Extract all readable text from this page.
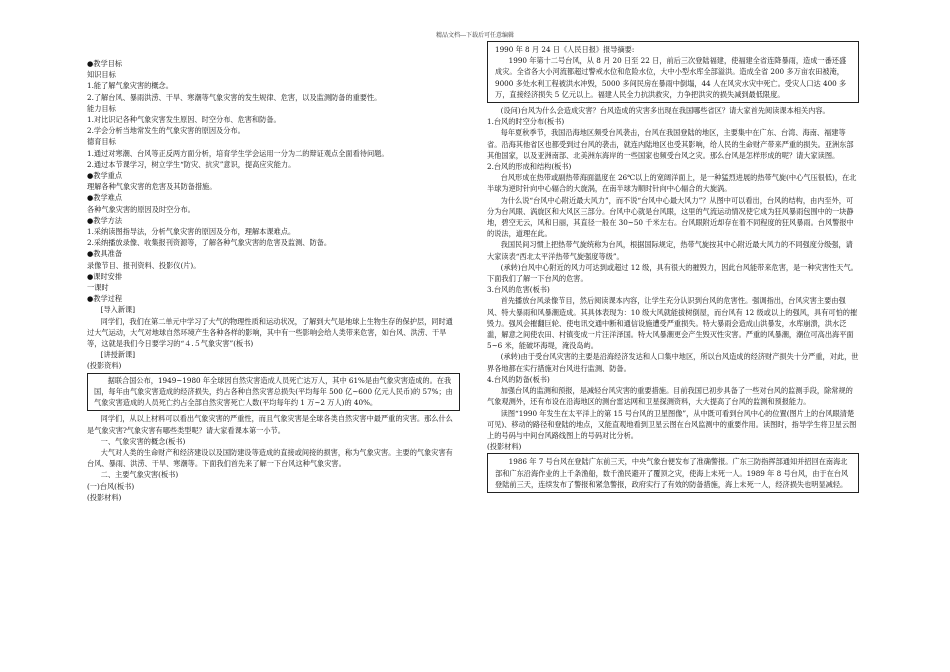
精品文档---下载后可任意编辑

●教学目标

知识目标

1.能了解气象灾害的概念。

2.了解台风、暴雨洪涝、干旱、寒潮等气象灾害的发生规律、危害，以及监测防备的重要性。

能力目标

1.对比识记各种气象灾害发生原因、时空分布、危害和防备。

2.学会分析当地常发生的气象灾害的原因及分布。

德育目标

1.通过对寒潮、台风等正反两方面分析，培育学生学会运用一分为二的辩证观点全面看待问题。

2.通过本节课学习，树立学生“防灾、抗灾”意识，提高应灾能力。

●教学重点

理解各种气象灾害的危害及其防备措施。

●教学难点

各种气象灾害的原因及时空分布。

●教学方法

1.采纳读图指导法，分析气象灾害的原因及分布，理解本课难点。

2.采纳播放录像、收集报刊资源等，了解各种气象灾害的危害及监测、防备。

●教具准备

录像节目、报刊资料、投影仪(片)。

●课时安排

一课时

●教学过程

[导入新课]

同学们，我们在第二单元中学习了大气的物理性质和运动状况，了解到大气是地球上生物生存的保护层，同时通过大气运动，大气对地球自然环境产生各种各样的影响，其中有一些影响会给人类带来危害，如台风、洪涝、干旱等，这就是我们今日要学习的“４.５气象灾害”(板书)

[讲授新课]

(投影资料)

据联合国公布，1949~1980 年全球因自然灾害造成人员死亡达万人，其中 61%是由气象灾害造成的。在我国，每年由气象灾害造成的经济损失，约占各种自然灾害总损失(平均每年 500 亿~600 亿元人民币)的 57%；由气象灾害造成的人员死亡约占全部自然灾害死亡人数(平均每年约 1 万~2 万人)的 40%。

同学们，从以上材料可以看出气象灾害的严重性，而且气象灾害是全球各类自然灾害中最严重的灾害。那么什么是气象灾害?气象灾害有哪些类型呢？请大家看课本第一小节。

一、气象灾害的概念(板书)

大气对人类的生命财产和经济建设以及国防建设等造成的直接或间接的损害，称为气象灾害。主要的气象灾害有台风、暴雨、洪涝、干旱、寒潮等。下面我们首先来了解一下台风这种气象灾害。

二、主要气象灾害(板书)

(一)台风(板书)

(投影材料)

1990 年 8 月 24 日《人民日报》报导摘要:

1990 年第十二号台风，从 8 月 20 日至 22 日，前后三次登陆福建，使福建全省连降暴雨，造成一番还盛成灾。全省各大小河流都超过警戒水位和危险水位，大中小型水库全部溢洪。造成全省 200 多万亩农田被淹，9000 多处水利工程被洪水冲毁，5000 多间民房在暴雨中倒塌，44 人在风灾水灾中死亡。受灾人口达 400 多万，直接经济损失 5 亿元以上。福建人民全力抗洪救灾，力争把洪灾的损失减到最低限度。

(设问)台风为什么会造成灾害？台风造成的灾害多出现在我国哪些省区？请大家首先阅读课本相关内容。

1.台风的时空分布(板书)

每年夏秋季节，我国沿海地区频受台风袭击，台风在我国登陆的地区，主要集中在广东、台湾、海南、福建等省。沿海其他省区也都受到过台风的袭击，就连内陆地区也受其影响，给人民的生命财产带来严重的损失。亚洲东部其他国家，以及亚洲南部、北美洲东海岸的一些国家也频受台风之灾。那么台风是怎样形成的呢？请大家读图。

2.台风的形成和结构(板书)

台风形成在热带或副热带海面温度在 26℃以上的宽阔洋面上，是一种猛烈进展的热带气旋(中心气压很低)，在北半球为逆时针向中心辐合的大旋涡，在南半球为顺时针向中心辐合的大旋涡。

为什么说“台风中心附近最大风力”，而不说“台风中心最大风力”？从图中可以看出，台风的结构，由内至外，可分为台风眼、涡旋区和大风区三部分。台风中心就是台风眼，这里的气流运动情况使它成为狂风暴雨包围中的一块静地，碧空无云，风和日丽，其直径一般在 30~50 千米左右。台风眼附近却存在着不同程度的狂风暴雨。台风警报中的说法，道理在此。

我国民间习惯上把热带气旋统称为台风，根据国际规定，热带气旋按其中心附近最大风力的不同强度分级强，请大家读表“西北太平洋热带气旋强度等级”。

(承转)台风中心附近的风力可达到或超过 12 级，具有很大的摧毁力，因此台风能带来危害，是一种灾害性天气。下面我们了解一下台风的危害。

3.台风的危害(板书)

首先播放台风录像节目，然后阅读课本内容，让学生充分认识到台风的危害性。强调指出，台风灾害主要由强风、特大暴雨和风暴潮造成。其具体表现为：10 级大风就能拔树倒屋，而台风有 12 级或以上的强风，具有可怕的摧毁力。强风会摧翻巨轮、使电讯交通中断和通信设施遭受严重损失。特大暴雨会造成山洪暴发，水库崩溃，洪水泛滥，解意之间使农田、村镇变成一片汪洋泽国。特大风暴潮更会产生毁灭性灾害。严重的风暴潮，潮位可高出海平面 5~6 米，能破坏海堤，淹没岛屿。

(承转)由于受台风灾害的主要是沿海经济发达和人口集中地区，所以台风造成的经济财产损失十分严重，对此，世界各地都在实行措施对台风进行监测、防备。

4.台风的防备(板书)

加强台风的监测和预报，是减轻台风灾害的重要措施。目前我国已初步具备了一些对台风的监测手段，除常规的气象观测外，还有布设在沿海地区的测台雷达网和卫星探测资料，大大提高了台风的监测和预报能力。

读图“1990 年发生在太平洋上的第 15 号台风的卫星图像”，从中既可看到台风中心的位置(图片上的台风眼清楚可见)、移动的路径和登陆的地点，又能直观地看到卫星云图在台风监测中的重要作用。读图时，指导学生将卫星云图上的号码与中间台风路线图上的号码对比分析。

(投影材料)

1986 年 7 号台风在登陆广东前三天，中央气象台便发布了准确警报。广东三防指挥部通知并招回在南海北部和广东沿海作业的上千条渔船，数千渔民避开了覆顶之灾，使海上未死一人。1989 年 8 号台风，由于在台风登陆前三天，连续发布了警报和紧急警报，政府实行了有效的防备措施，海上未死一人，经济损失也明显减轻。
